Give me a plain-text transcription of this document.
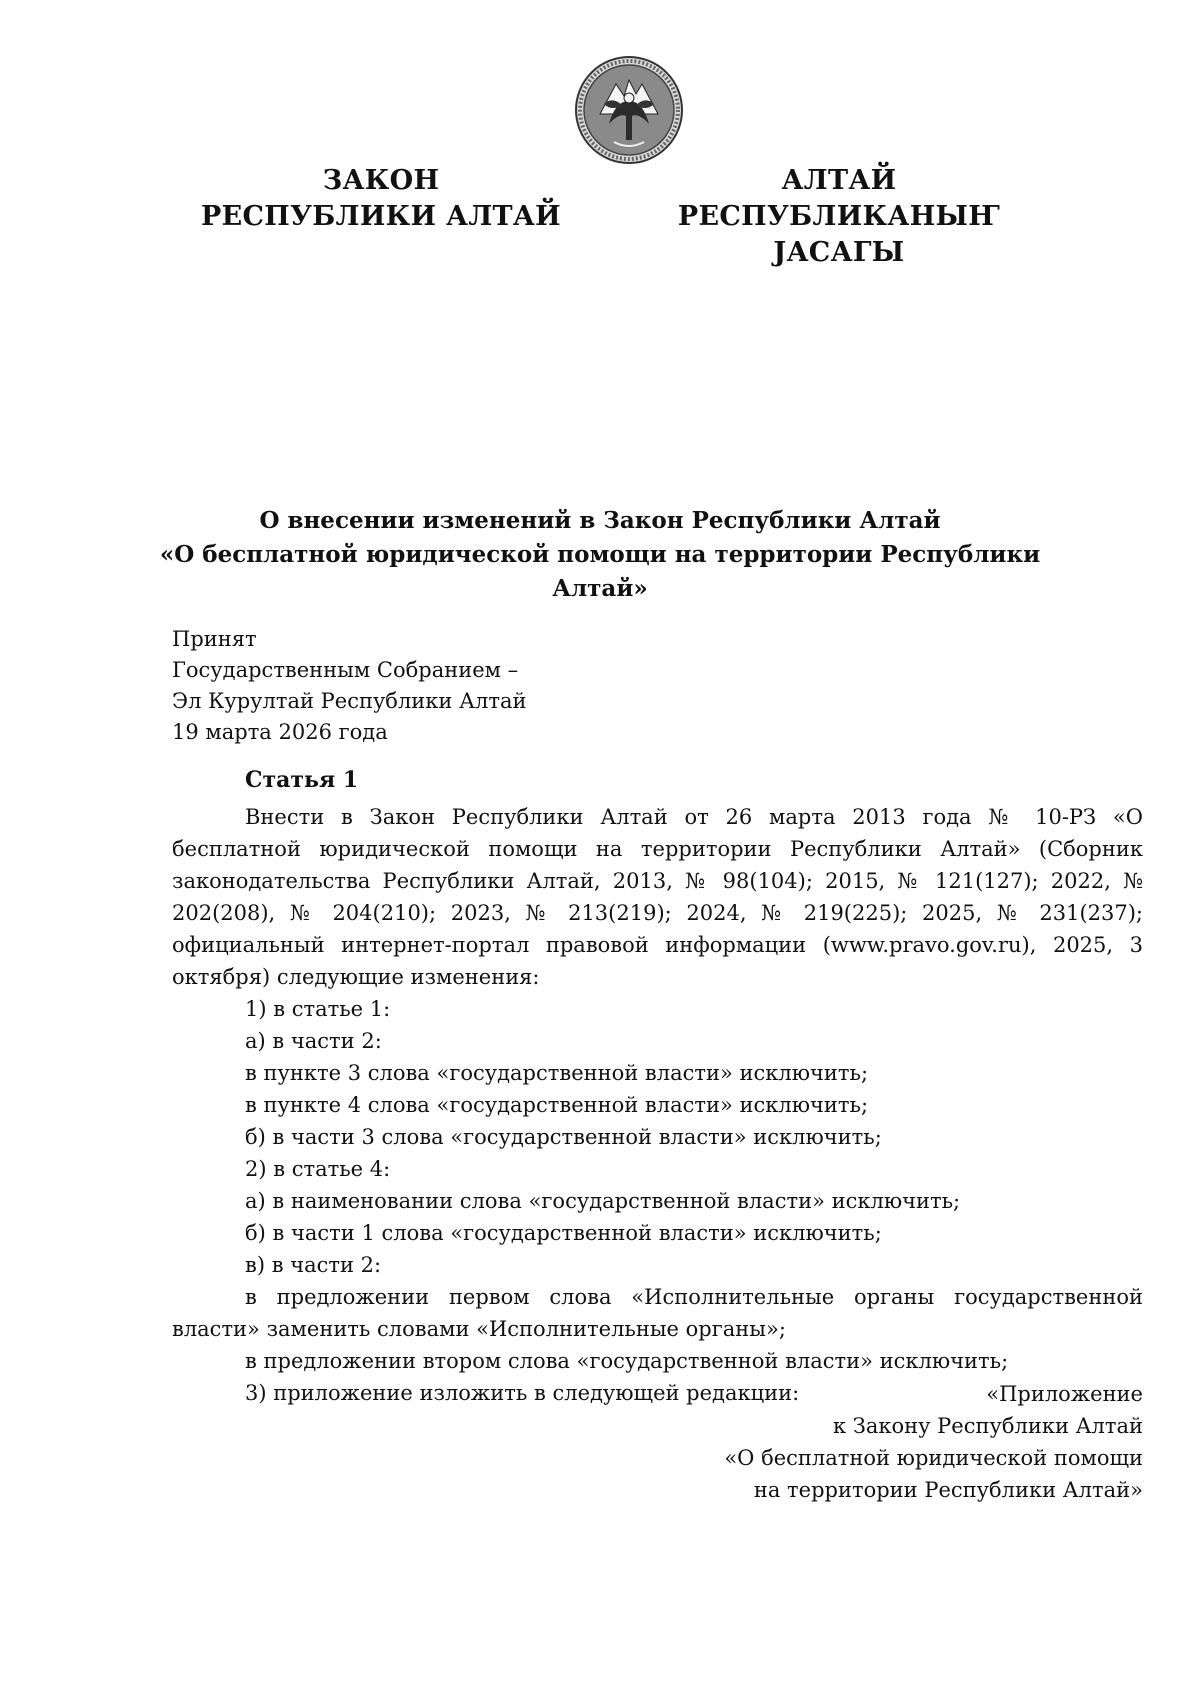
ЗАКОН
РЕСПУБЛИКИ АЛТАЙ
АЛТАЙ РЕСПУБЛИКАНЫҤ
ЈАСАГЫ
О внесении изменений в Закон Республики Алтай
«О бесплатной юридической помощи на территории Республики Алтай»
Принят
Государственным Собранием –
Эл Курултай Республики Алтай
19 марта 2026 года
Статья 1

Внести в Закон Республики Алтай от 26 марта 2013 года № 10-РЗ «О бесплатной юридической помощи на территории Республики Алтай» (Сборник законодательства Республики Алтай, 2013, № 98(104); 2015, № 121(127); 2022, № 202(208), № 204(210); 2023, № 213(219); 2024, № 219(225); 2025, № 231(237); официальный интернет-портал правовой информации (www.pravo.gov.ru), 2025, 3 октября) следующие изменения:

1) в статье 1:

а) в части 2:

в пункте 3 слова «государственной власти» исключить;

в пункте 4 слова «государственной власти» исключить;

б) в части 3 слова «государственной власти» исключить;

2) в статье 4:

а) в наименовании слова «государственной власти» исключить;

б) в части 1 слова «государственной власти» исключить;

в) в части 2:

в предложении первом слова «Исполнительные органы государственной власти» заменить словами «Исполнительные органы»;

в предложении втором слова «государственной власти» исключить;

3) приложение изложить в следующей редакции:	«Приложение
к Закону Республики Алтай
«О бесплатной юридической помощи
на территории Республики Алтай»
